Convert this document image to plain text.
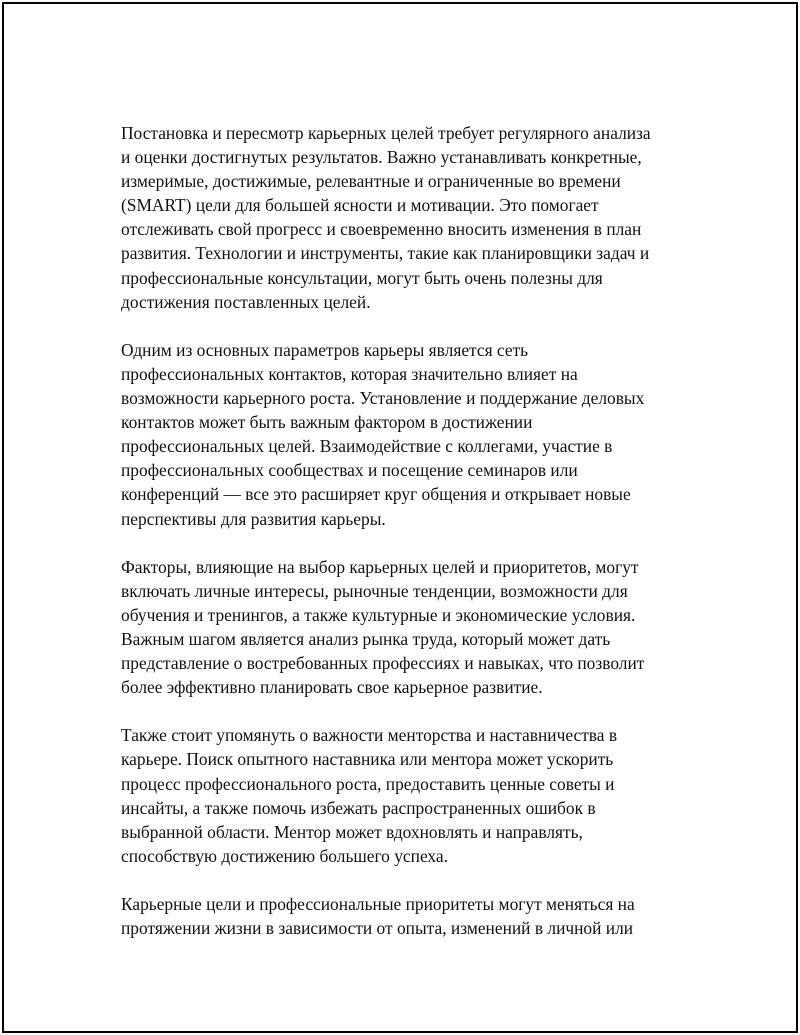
Постановка и пересмотр карьерных целей требует регулярного анализа
и оценки достигнутых результатов. Важно устанавливать конкретные,
измеримые, достижимые, релевантные и ограниченные во времени
(SMART) цели для большей ясности и мотивации. Это помогает
отслеживать свой прогресс и своевременно вносить изменения в план
развития. Технологии и инструменты, такие как планировщики задач и
профессиональные консультации, могут быть очень полезны для
достижения поставленных целей.

Одним из основных параметров карьеры является сеть
профессиональных контактов, которая значительно влияет на
возможности карьерного роста. Установление и поддержание деловых
контактов может быть важным фактором в достижении
профессиональных целей. Взаимодействие с коллегами, участие в
профессиональных сообществах и посещение семинаров или
конференций — все это расширяет круг общения и открывает новые
перспективы для развития карьеры.

Факторы, влияющие на выбор карьерных целей и приоритетов, могут
включать личные интересы, рыночные тенденции, возможности для
обучения и тренингов, а также культурные и экономические условия.
Важным шагом является анализ рынка труда, который может дать
представление о востребованных профессиях и навыках, что позволит
более эффективно планировать свое карьерное развитие.

Также стоит упомянуть о важности менторства и наставничества в
карьере. Поиск опытного наставника или ментора может ускорить
процесс профессионального роста, предоставить ценные советы и
инсайты, а также помочь избежать распространенных ошибок в
выбранной области. Ментор может вдохновлять и направлять,
способствую достижению большего успеха.

Карьерные цели и профессиональные приоритеты могут меняться на
протяжении жизни в зависимости от опыта, изменений в личной или
